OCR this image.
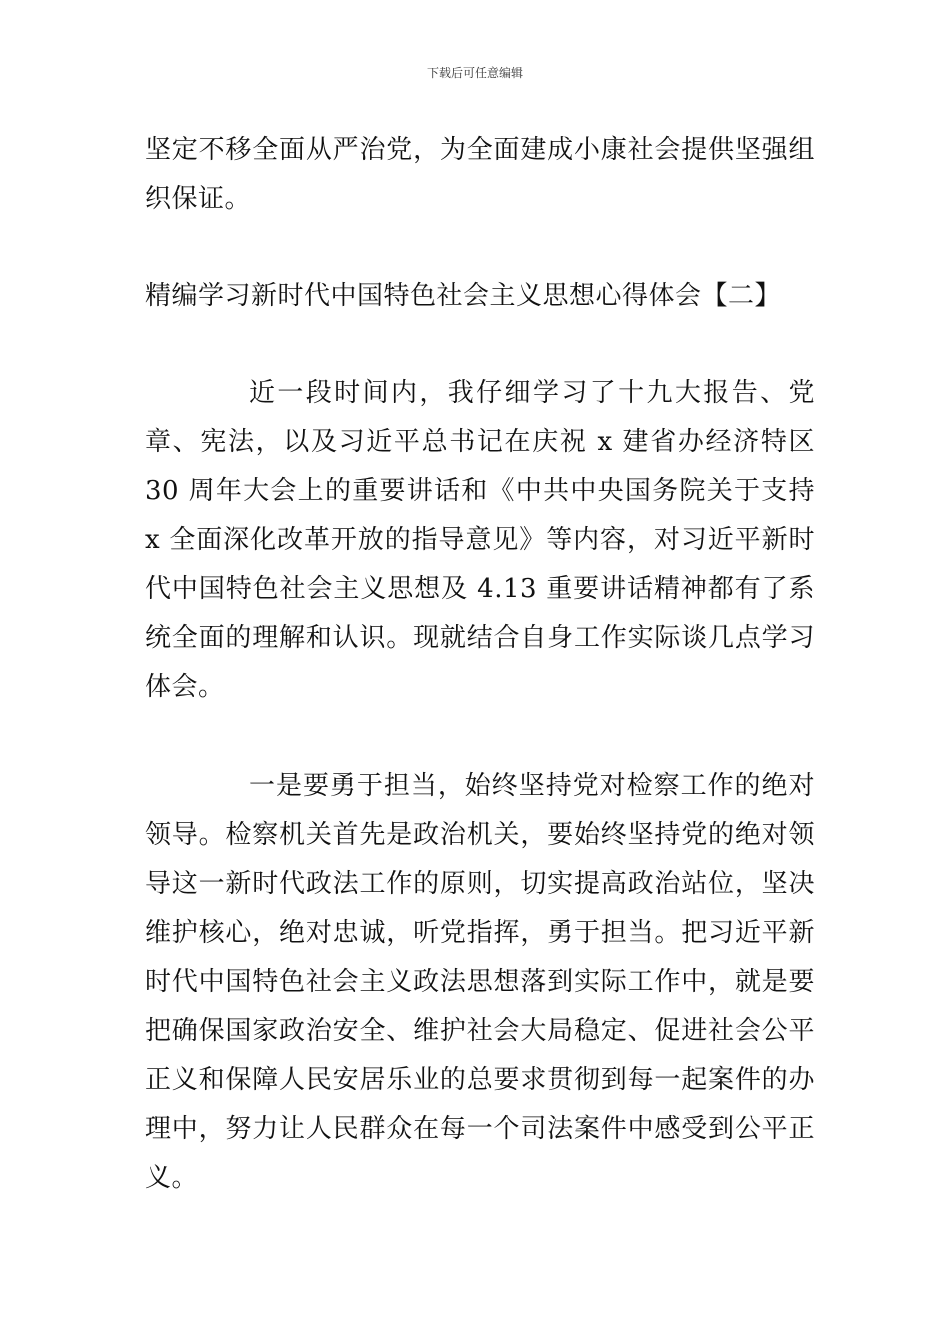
下载后可任意编辑

坚定不移全面从严治党，为全面建成小康社会提供坚强组织保证。

精编学习新时代中国特色社会主义思想心得体会【二】

近一段时间内，我仔细学习了十九大报告、党章、宪法，以及习近平总书记在庆祝 x 建省办经济特区 30 周年大会上的重要讲话和《中共中央国务院关于支持 x 全面深化改革开放的指导意见》等内容，对习近平新时代中国特色社会主义思想及 4.13 重要讲话精神都有了系统全面的理解和认识。现就结合自身工作实际谈几点学习体会。

一是要勇于担当，始终坚持党对检察工作的绝对领导。检察机关首先是政治机关，要始终坚持党的绝对领导这一新时代政法工作的原则，切实提高政治站位，坚决维护核心，绝对忠诚，听党指挥，勇于担当。把习近平新时代中国特色社会主义政法思想落到实际工作中，就是要把确保国家政治安全、维护社会大局稳定、促进社会公平正义和保障人民安居乐业的总要求贯彻到每一起案件的办理中，努力让人民群众在每一个司法案件中感受到公平正义。
